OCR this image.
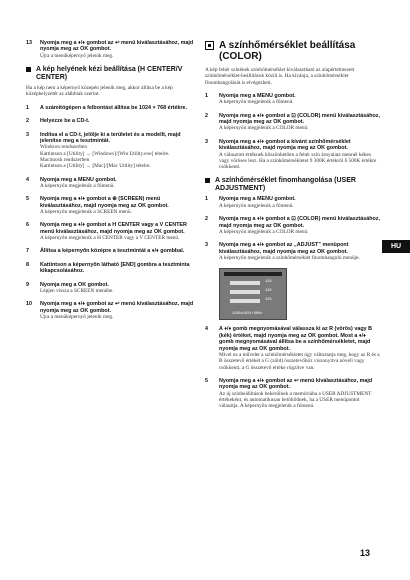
13 Nyomja meg a ♦/♦ gombot az ↩ menü kiválasztásához, majd nyomja meg az OK gombot.
Újra a menüképernyő jelenik meg.
A kép helyének kézi beállítása (H CENTER/V CENTER)
Ha a kép nem a képernyő közepén jelenik meg, akkor állítsa be a kép középhelyzetét az alábbiak szerint.
1 A számítógépen a felbontást állítsa be 1024 × 768 értékre.
2 Helyezze be a CD-t.
3 Indítsa el a CD-t, jelölje ki a területet és a modellt, majd jelenítse meg a tesztmintát.
Windows rendszerben
Kattintson a [Utility] → [Windows]/[Win Utility.exe] tételre.
Macintosh rendszerben
Kattintson a [Utility] → [Mac]/[Mac Utility] tételre.
4 Nyomja meg a MENU gombot.
A képernyőn megjelenik a főmenü.
5 Nyomja meg a ♦/♦ gombot a ⊕ (SCREEN) menü kiválasztásához, majd nyomja meg az OK gombot.
A képernyőn megjelenik a SCREEN menü.
6 Nyomja meg a ♦/♦ gombot a H CENTER vagy a V CENTER menü kiválasztásához, majd nyomja meg az OK gombot.
A képernyőn megjelenik a H CENTER vagy a V CENTER menü.
7 Állítsa a képernyőn középre a tesztmintát a ♦/♦ gombbal.
8 Kattintson a képernyőn látható [END] gombra a tesztminta kikapcsolásához.
9 Nyomja meg a OK gombot.
Lépjen vissza a SCREEN menübe.
10 Nyomja meg a ♦/♦ gombot az ↩ menü kiválasztásához, majd nyomja meg az OK gombot.
Újra a menüképernyő jelenik meg.
A színhőmérséklet beállítása (COLOR)
A kép fehér színének színhőmérséklet kiválasztható az alapértelmezett színhőmérséklet-beállítások közül is. Ha kívánja, a színhőmérséklet finomhangolását is elvégezheti.
1 Nyomja meg a MENU gombot.
A képernyőn megjelenik a főmenü.
2 Nyomja meg a ♦/♦ gombot a ⊡ (COLOR) menü kiválasztásához, majd nyomja meg az OK gombot.
A képernyőn megjelenik a COLOR menü.
3 Nyomja meg a ♦/♦ gombot a kívánt színhőmérséklet kiválasztásához, majd nyomja meg az OK gombot.
A választott értéknek köszönhetően a fehér szín árnyalata mennél kékes vagy vöröses lesz. Ha a színhőmérsékletet 9 300K értékről 6 500K értékre csökkenti.
A színhőmérséklet finomhangolása (USER ADJUSTMENT)
1 Nyomja meg a MENU gombot.
A képernyőn megjelenik a főmenü.
2 Nyomja meg a ♦/♦ gombot a ⊡ (COLOR) menü kiválasztásához, majd nyomja meg az OK gombot.
A képernyőn megjelenik a COLOR menü.
3 Nyomja meg a ♦/♦ gombot az „ADJUST” menüpont kiválasztásához, majd nyomja meg az OK gombot.
A képernyőn megjelenik a színhőmérséklet finomhangoló menüje.
128
128
128
1280x1024/60Hz
4 A ♦/♦ gomb megnyomásával válassza ki az R (vörös) vagy B (kék) értéket, majd nyomja meg az OK gombot. Most a ♦/♦ gomb megnyomásával állítsa be a színhőmérsékletet, majd nyomja meg az OK gombot.
Mivel ez a művelet a színhőmérsékletet úgy változtatja meg, hogy az R és a B összetevő értékét a G (zöld) összetevőhöz viszonyítva növeli vagy csökkenti, a G összetevő értéke rögzítve van.
5 Nyomja meg a ♦/♦ gombot az ↩ menü kiválasztásához, majd nyomja meg az OK gombot.
Az új színbeállítások bekerülnek a memóriába a USER ADJUSTMENT értékeként, és automatikusan betöltődnek, ha a USER menüpontot választja. A képernyőn megjelenik a főmenü.
HU
13
